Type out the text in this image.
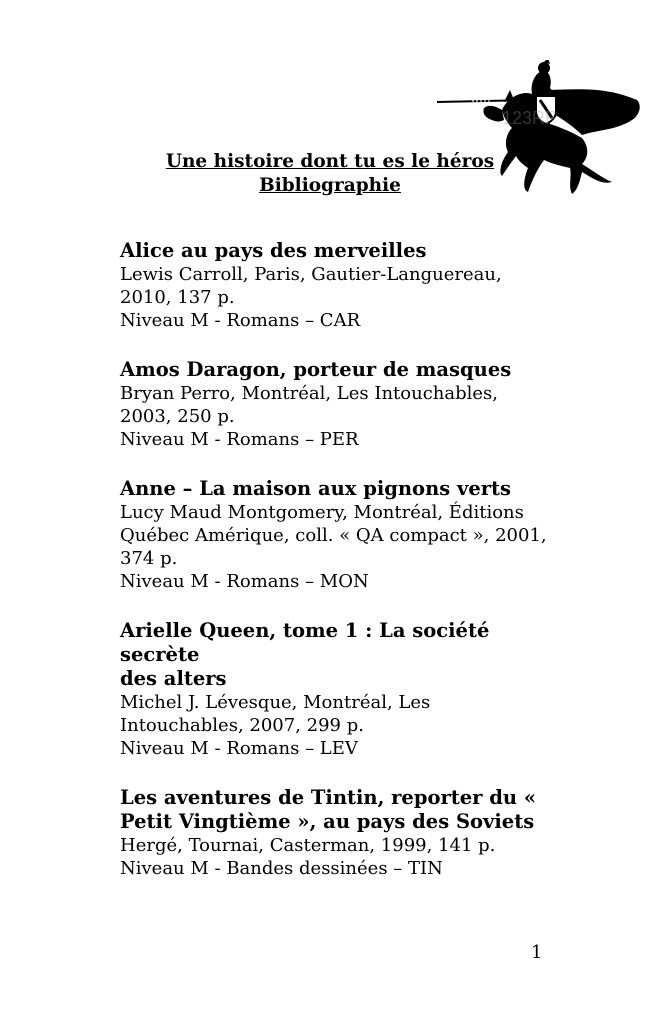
123RF
Une histoire dont tu es le héros
Bibliographie
Alice au pays des merveilles
Lewis Carroll, Paris, Gautier-Languereau,
2010, 137 p.
Niveau M - Romans – CAR
Amos Daragon, porteur de masques
Bryan Perro, Montréal, Les Intouchables,
2003, 250 p.
Niveau M - Romans – PER
Anne – La maison aux pignons verts
Lucy Maud Montgomery, Montréal, Éditions
Québec Amérique, coll. « QA compact », 2001,
374 p.
Niveau M - Romans – MON
Arielle Queen, tome 1 : La société secrète
des alters
Michel J. Lévesque, Montréal, Les
Intouchables, 2007, 299 p.
Niveau M - Romans – LEV
Les aventures de Tintin, reporter du «
Petit Vingtième », au pays des Soviets
Hergé, Tournai, Casterman, 1999, 141 p.
Niveau M - Bandes dessinées – TIN
1
